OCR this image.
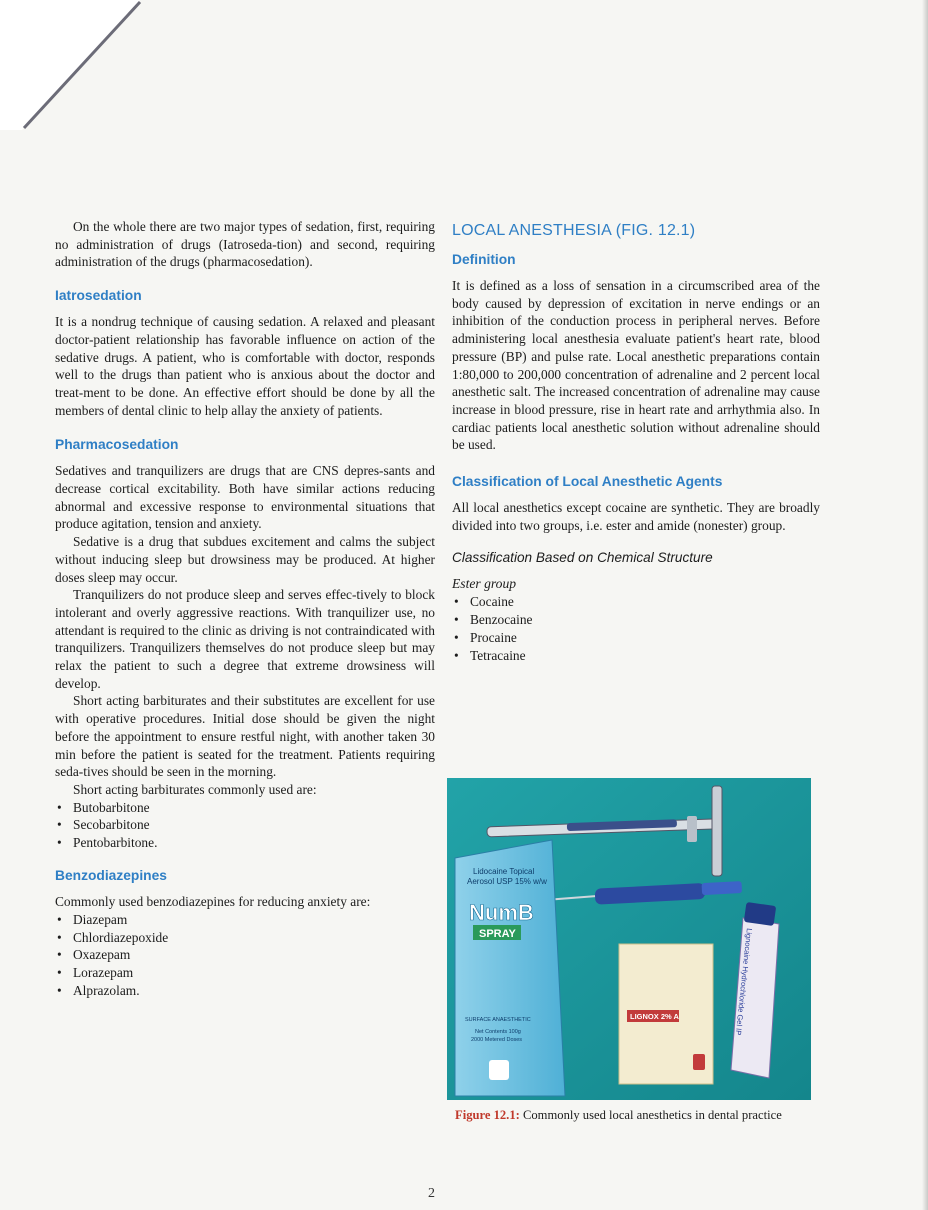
On the whole there are two major types of sedation, first, requiring no administration of drugs (Iatroseda-tion) and second, requiring administration of the drugs (pharmacosedation).

Iatrosedation

It is a nondrug technique of causing sedation. A relaxed and pleasant doctor-patient relationship has favorable influence on action of the sedative drugs. A patient, who is comfortable with doctor, responds well to the drugs than patient who is anxious about the doctor and treat-ment to be done. An effective effort should be done by all the members of dental clinic to help allay the anxiety of patients.

Pharmacosedation

Sedatives and tranquilizers are drugs that are CNS depres-sants and decrease cortical excitability. Both have similar actions reducing abnormal and excessive response to environmental situations that produce agitation, tension and anxiety.

Sedative is a drug that subdues excitement and calms the subject without inducing sleep but drowsiness may be produced. At higher doses sleep may occur.

Tranquilizers do not produce sleep and serves effec-tively to block intolerant and overly aggressive reactions. With tranquilizer use, no attendant is required to the clinic as driving is not contraindicated with tranquilizers. Tranquilizers themselves do not produce sleep but may relax the patient to such a degree that extreme drowsiness will develop.

Short acting barbiturates and their substitutes are excellent for use with operative procedures. Initial dose should be given the night before the appointment to ensure restful night, with another taken 30 min before the patient is seated for the treatment. Patients requiring seda-tives should be seen in the morning.

Short acting barbiturates commonly used are:

• Butobarbitone
• Secobarbitone
• Pentobarbitone.
Benzodiazepines

Commonly used benzodiazepines for reducing anxiety are:

• Diazepam
• Chlordiazepoxide
• Oxazepam
• Lorazepam
• Alprazolam.
LOCAL ANESTHESIA (FIG. 12.1)
Definition

It is defined as a loss of sensation in a circumscribed area of the body caused by depression of excitation in nerve endings or an inhibition of the conduction process in peripheral nerves. Before administering local anesthesia evaluate patient's heart rate, blood pressure (BP) and pulse rate. Local anesthetic preparations contain 1:80,000 to 200,000 concentration of adrenaline and 2 percent local anesthetic salt. The increased concentration of adrenaline may cause increase in blood pressure, rise in heart rate and arrhythmia also. In cardiac patients local anesthetic solution without adrenaline should be used.

Classification of Local Anesthetic Agents

All local anesthetics except cocaine are synthetic. They are broadly divided into two groups, i.e. ester and amide (nonester) group.

Classification Based on Chemical Structure

Ester group

• Cocaine
• Benzocaine
• Procaine
• Tetracaine
Lidocaine Topical
Aerosol USP 15% w/w
NumB
SPRAY
SURFACE ANAESTHETIC
Net Contents 100g
2000 Metered Doses
LIGNOX 2% A	Lignocaine Hydrochloride Gel IP
Figure 12.1: Commonly used local anesthetics in dental practice
2
